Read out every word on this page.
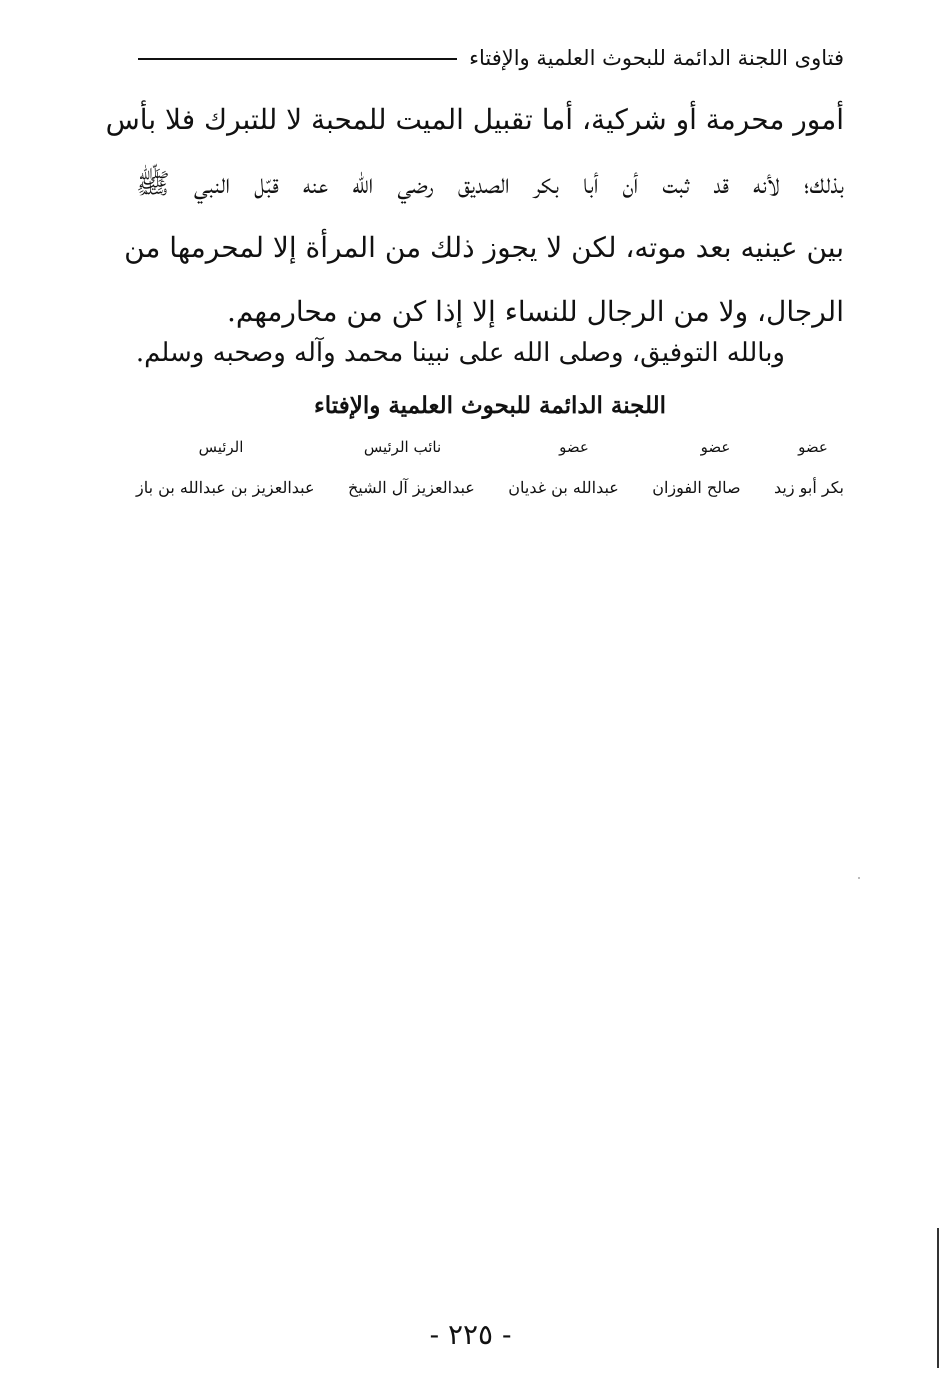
فتاوى اللجنة الدائمة للبحوث العلمية والإفتاء
أمور محرمة أو شركية، أما تقبيل الميت للمحبة لا للتبرك فلا بأس
بذلك؛ لأنه قد ثبت أن أبا بكر الصديق رضي الله عنه قبّل النبي ﷺ
بين عينيه بعد موته، لكن لا يجوز ذلك من المرأة إلا لمحرمها من
الرجال، ولا من الرجال للنساء إلا إذا كن من محارمهم.
وبالله التوفيق، وصلى الله على نبينا محمد وآله وصحبه وسلم.
اللجنة الدائمة للبحوث العلمية والإفتاء
عضو
عضو
عضو
نائب الرئيس
الرئيس
بكر أبو زيد
صالح الفوزان
عبدالله بن غديان
عبدالعزيز آل الشيخ
عبدالعزيز بن عبدالله بن باز
- ٢٢٥ -
